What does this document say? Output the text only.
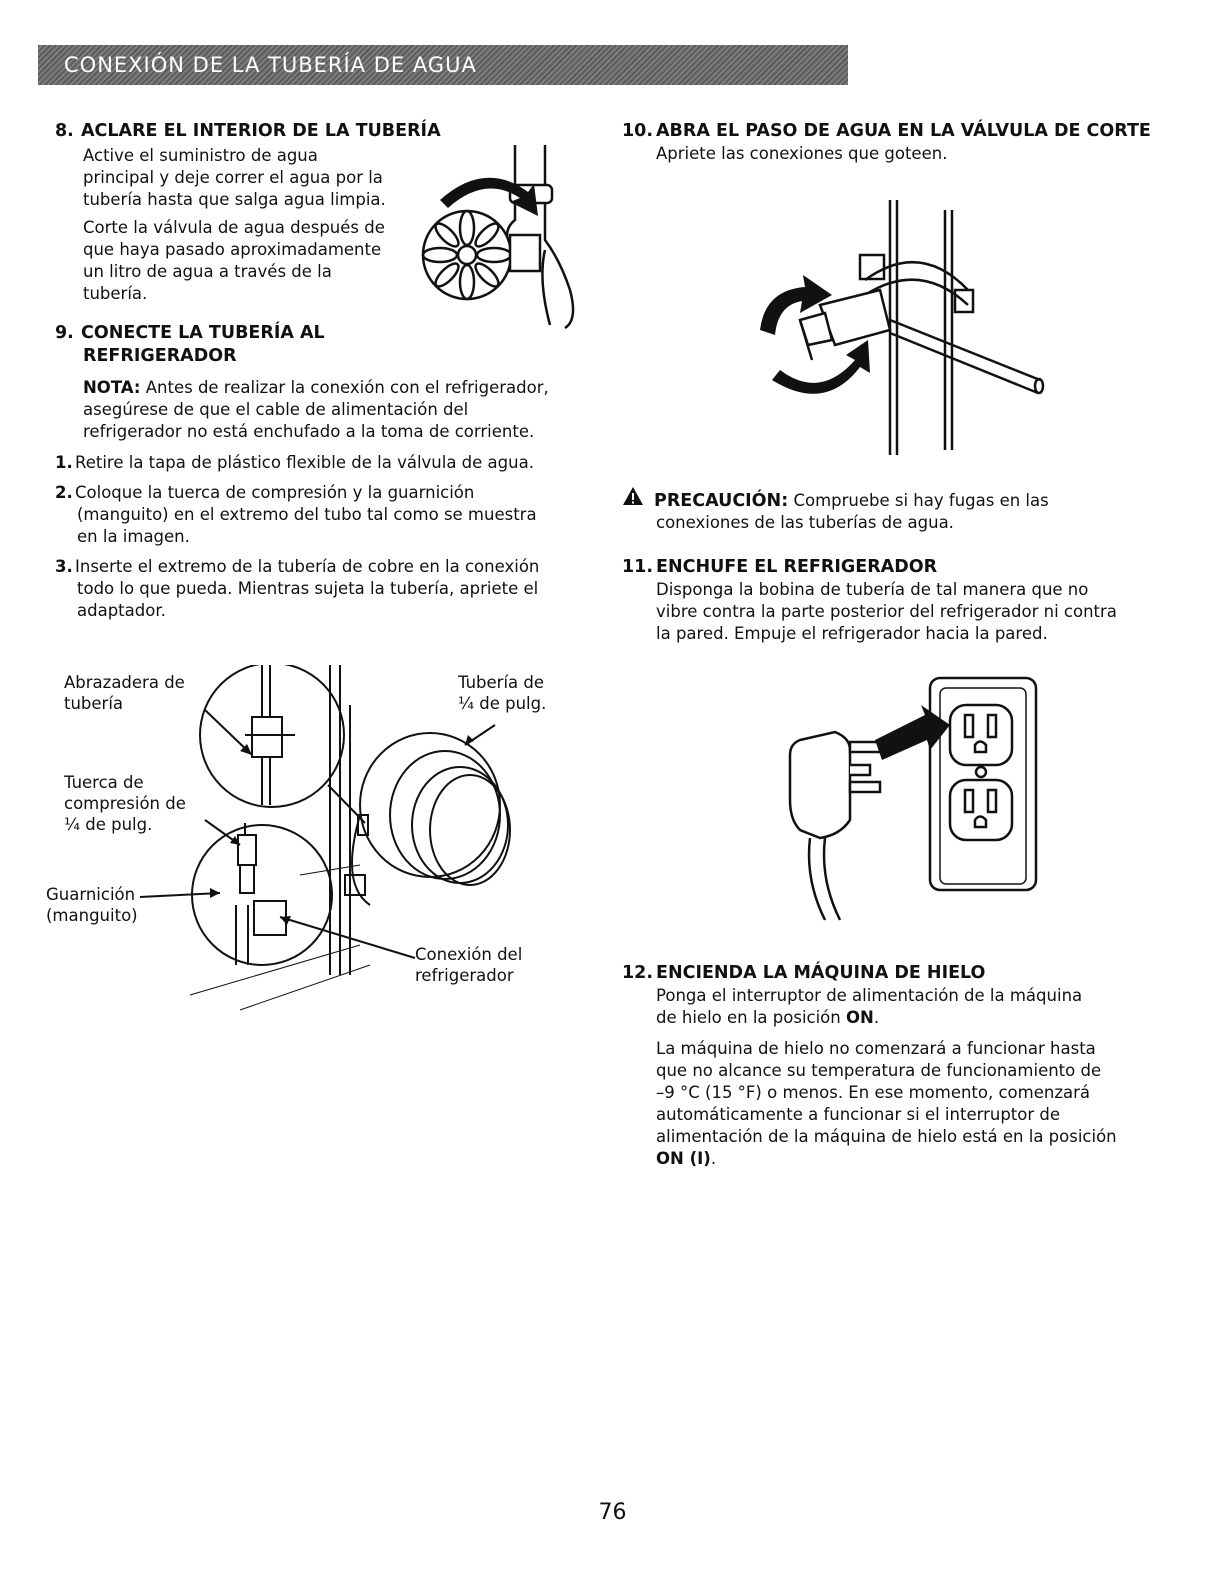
CONEXIÓN DE LA TUBERÍA DE AGUA

8. ACLARE EL INTERIOR DE LA TUBERÍA

Active el suministro de agua

principal y deje correr el agua por la

tubería hasta que salga agua limpia.

Corte la válvula de agua después de

que haya pasado aproximadamente

un litro de agua a través de la

tubería.

9. CONECTE LA TUBERÍA AL

REFRIGERADOR

NOTA: Antes de realizar la conexión con el refrigerador,

asegúrese de que el cable de alimentación del

refrigerador no está enchufado a la toma de corriente.

1. Retire la tapa de plástico flexible de la válvula de agua.

2. Coloque la tuerca de compresión y la guarnición

(manguito) en el extremo del tubo tal como se muestra

en la imagen.

3. Inserte el extremo de la tubería de cobre en la conexión

todo lo que pueda. Mientras sujeta la tubería, apriete el

adaptador.

Abrazadera de

tubería

Tubería de

¼ de pulg.

Tuerca de

compresión de

¼ de pulg.

Guarnición

(manguito)

Conexión del

refrigerador

10. ABRA EL PASO DE AGUA EN LA VÁLVULA DE CORTE

Apriete las conexiones que goteen.

PRECAUCIÓN: Compruebe si hay fugas en las

conexiones de las tuberías de agua.

11. ENCHUFE EL REFRIGERADOR

Disponga la bobina de tubería de tal manera que no

vibre contra la parte posterior del refrigerador ni contra

la pared. Empuje el refrigerador hacia la pared.

12. ENCIENDA LA MÁQUINA DE HIELO

Ponga el interruptor de alimentación de la máquina

de hielo en la posición ON.

La máquina de hielo no comenzará a funcionar hasta

que no alcance su temperatura de funcionamiento de

–9 °C (15 °F) o menos. En ese momento, comenzará

automáticamente a funcionar si el interruptor de

alimentación de la máquina de hielo está en la posición

ON (I).

76
